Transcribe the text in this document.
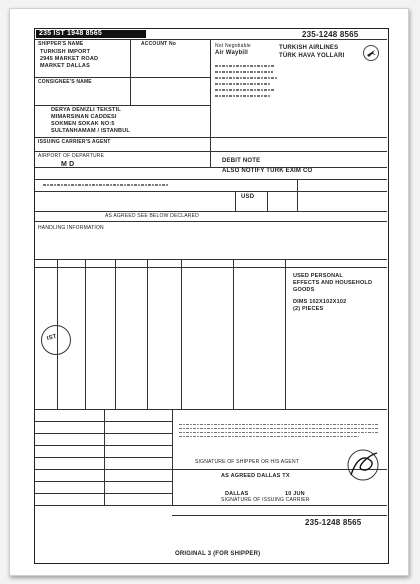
235 IST 1948 8565	235-1248 8565
SHIPPER'S NAME	ACCOUNT No
TURKISH IMPORT
2945 MARKET ROAD
MARKET DALLAS
Not Negotiable
Air Waybill
TURKISH AIRLINES
TÜRK HAVA YOLLARI
CONSIGNEE'S NAME
DERYA DENIZLI TEKSTIL
MIMARSINAN CADDESI
SOKMEN SOKAK NO:5
SULTANHAMAM / ISTANBUL
ISSUING CARRIER'S AGENT
AIRPORT OF DEPARTURE
M D	DEBIT NOTE
ALSO NOTIFY TURK EXIM CO
USD
AS AGREED SEE BELOW DECLARED
HANDLING INFORMATION
USED PERSONAL
EFFECTS AND HOUSEHOLD
GOODS
DIMS 102X102X102
(2) PIECES
IST
SIGNATURE OF SHIPPER OR HIS AGENT
AS AGREED DALLAS TX
DALLAS	10 JUN
SIGNATURE OF ISSUING CARRIER
235-1248 8565
ORIGINAL 3 (FOR SHIPPER)
